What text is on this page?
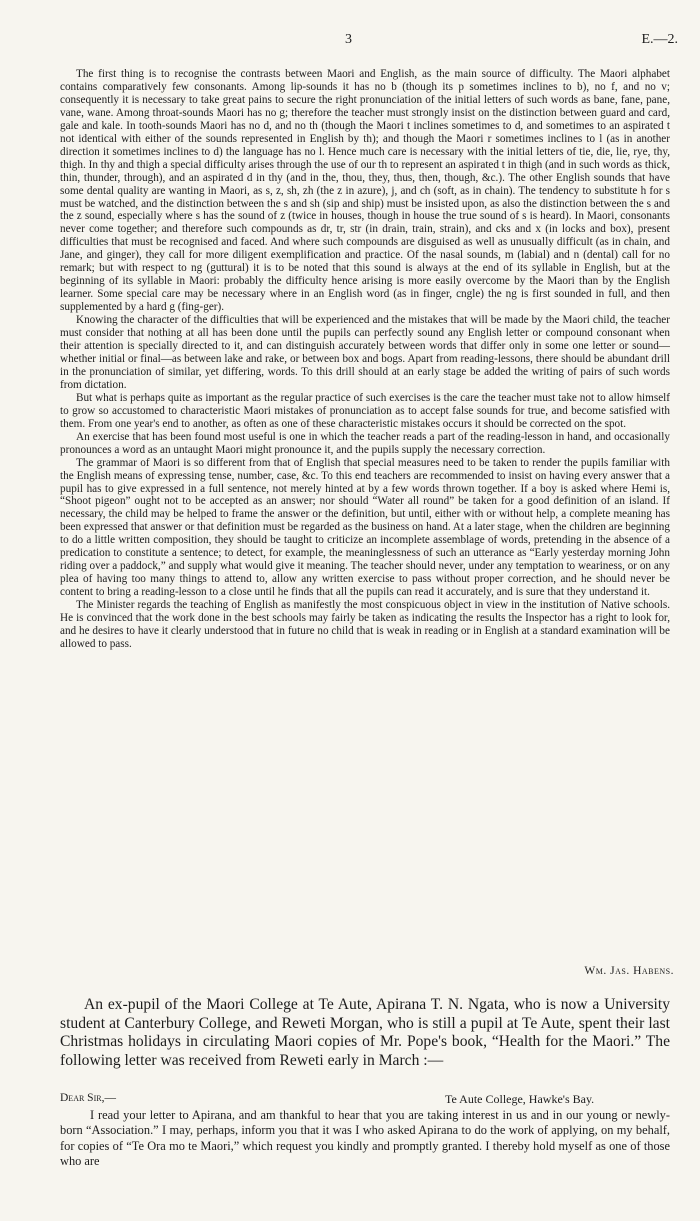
3	E.—2.

The first thing is to recognise the contrasts between Maori and English, as the main source of difficulty. The Maori alphabet contains comparatively few consonants. Among lip-sounds it has no b (though its p sometimes inclines to b), no f, and no v; consequently it is necessary to take great pains to secure the right pronunciation of the initial letters of such words as bane, fane, pane, vane, wane. Among throat-sounds Maori has no g; therefore the teacher must strongly insist on the distinction between guard and card, gale and kale. In tooth-sounds Maori has no d, and no th (though the Maori t inclines sometimes to d, and sometimes to an aspirated t not identical with either of the sounds represented in English by th); and though the Maori r sometimes inclines to l (as in another direction it sometimes inclines to d) the language has no l. Hence much care is necessary with the initial letters of tie, die, lie, rye, thy, thigh. In thy and thigh a special difficulty arises through the use of our th to represent an aspirated t in thigh (and in such words as thick, thin, thunder, through), and an aspirated d in thy (and in the, thou, they, thus, then, though, &c.). The other English sounds that have some dental quality are wanting in Maori, as s, z, sh, zh (the z in azure), j, and ch (soft, as in chain). The tendency to substitute h for s must be watched, and the distinction between the s and sh (sip and ship) must be insisted upon, as also the distinction between the s and the z sound, especially where s has the sound of z (twice in houses, though in house the true sound of s is heard). In Maori, consonants never come together; and therefore such compounds as dr, tr, str (in drain, train, strain), and cks and x (in locks and box), present difficulties that must be recognised and faced. And where such compounds are disguised as well as unusually difficult (as in chain, and Jane, and ginger), they call for more diligent exemplification and practice. Of the nasal sounds, m (labial) and n (dental) call for no remark; but with respect to ng (guttural) it is to be noted that this sound is always at the end of its syllable in English, but at the beginning of its syllable in Maori: probably the difficulty hence arising is more easily overcome by the Maori than by the English learner. Some special care may be necessary where in an English word (as in finger, cngle) the ng is first sounded in full, and then supplemented by a hard g (fing-ger).

Knowing the character of the difficulties that will be experienced and the mistakes that will be made by the Maori child, the teacher must consider that nothing at all has been done until the pupils can perfectly sound any English letter or compound consonant when their attention is specially directed to it, and can distinguish accurately between words that differ only in some one letter or sound—whether initial or final—as between lake and rake, or between box and bogs. Apart from reading-lessons, there should be abundant drill in the pronunciation of similar, yet differing, words. To this drill should at an early stage be added the writing of pairs of such words from dictation.

But what is perhaps quite as important as the regular practice of such exercises is the care the teacher must take not to allow himself to grow so accustomed to characteristic Maori mistakes of pronunciation as to accept false sounds for true, and become satisfied with them. From one year's end to another, as often as one of these characteristic mistakes occurs it should be corrected on the spot.

An exercise that has been found most useful is one in which the teacher reads a part of the reading-lesson in hand, and occasionally pronounces a word as an untaught Maori might pronounce it, and the pupils supply the necessary correction.

The grammar of Maori is so different from that of English that special measures need to be taken to render the pupils familiar with the English means of expressing tense, number, case, &c. To this end teachers are recommended to insist on having every answer that a pupil has to give expressed in a full sentence, not merely hinted at by a few words thrown together. If a boy is asked where Hemi is, “Shoot pigeon” ought not to be accepted as an answer; nor should “Water all round” be taken for a good definition of an island. If necessary, the child may be helped to frame the answer or the definition, but until, either with or without help, a complete meaning has been expressed that answer or that definition must be regarded as the business on hand. At a later stage, when the children are beginning to do a little written composition, they should be taught to criticize an incomplete assemblage of words, pretending in the absence of a predication to constitute a sentence; to detect, for example, the meaninglessness of such an utterance as “Early yesterday morning John riding over a paddock,” and supply what would give it meaning. The teacher should never, under any temptation to weariness, or on any plea of having too many things to attend to, allow any written exercise to pass without proper correction, and he should never be content to bring a reading-lesson to a close until he finds that all the pupils can read it accurately, and is sure that they understand it.

The Minister regards the teaching of English as manifestly the most conspicuous object in view in the institution of Native schools. He is convinced that the work done in the best schools may fairly be taken as indicating the results the Inspector has a right to look for, and he desires to have it clearly understood that in future no child that is weak in reading or in English at a standard examination will be allowed to pass.

Wm. Jas. Habens.

An ex-pupil of the Maori College at Te Aute, Apirana T. N. Ngata, who is now a University student at Canterbury College, and Reweti Morgan, who is still a pupil at Te Aute, spent their last Christmas holidays in circulating Maori copies of Mr. Pope's book, “Health for the Maori.” The following letter was received from Reweti early in March :—

Dear Sir,—	Te Aute College, Hawke's Bay.

I read your letter to Apirana, and am thankful to hear that you are taking interest in us and in our young or newly-born “Association.” I may, perhaps, inform you that it was I who asked Apirana to do the work of applying, on my behalf, for copies of “Te Ora mo te Maori,” which request you kindly and promptly granted. I thereby hold myself as one of those who are
